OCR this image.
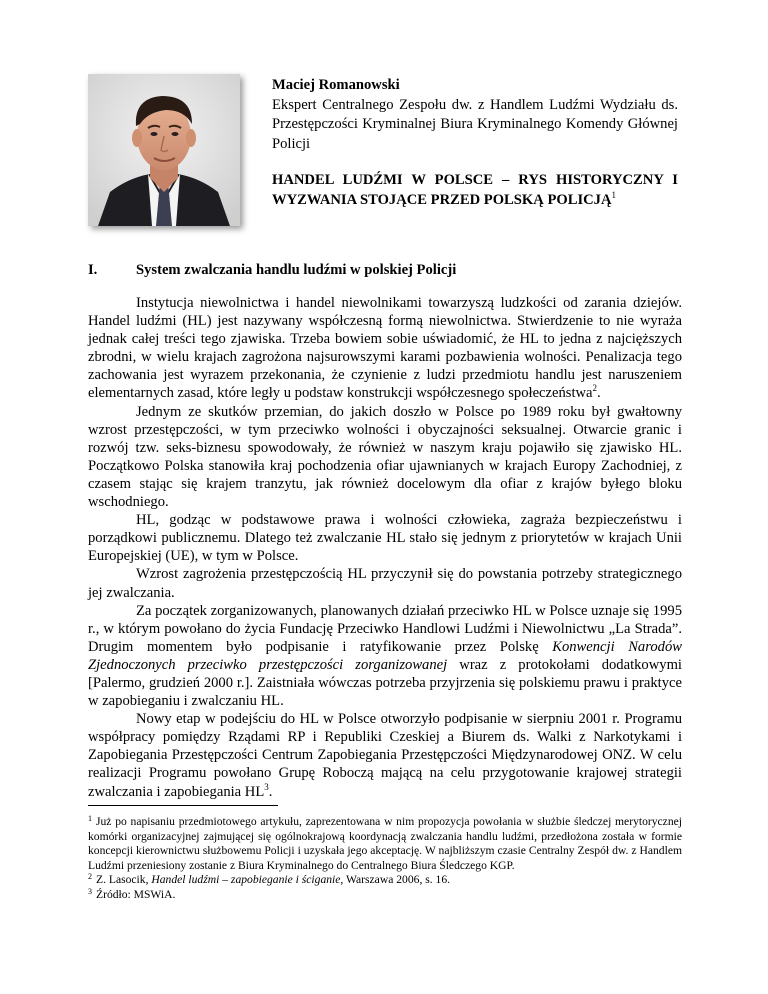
Maciej Romanowski
Ekspert Centralnego Zespołu dw. z Handlem Ludźmi Wydziału ds. Przestępczości Kryminalnej Biura Kryminalnego Komendy Głównej Policji
HANDEL LUDŹMI W POLSCE – RYS HISTORYCZNY I WYZWANIA STOJĄCE PRZED POLSKĄ POLICJĄ$^1$
I.	System zwalczania handlu ludźmi w polskiej Policji

Instytucja niewolnictwa i handel niewolnikami towarzyszą ludzkości od zarania dziejów. Handel ludźmi (HL) jest nazywany współczesną formą niewolnictwa. Stwierdzenie to nie wyraża jednak całej treści tego zjawiska. Trzeba bowiem sobie uświadomić, że HL to jedna z najcięższych zbrodni, w wielu krajach zagrożona najsurowszymi karami pozbawienia wolności. Penalizacja tego zachowania jest wyrazem przekonania, że czynienie z ludzi przedmiotu handlu jest naruszeniem elementarnych zasad, które legły u podstaw konstrukcji współczesnego społeczeństwa$^2$.

Jednym ze skutków przemian, do jakich doszło w Polsce po 1989 roku był gwałtowny wzrost przestępczości, w tym przeciwko wolności i obyczajności seksualnej. Otwarcie granic i rozwój tzw. seks-biznesu spowodowały, że również w naszym kraju pojawiło się zjawisko HL. Początkowo Polska stanowiła kraj pochodzenia ofiar ujawnianych w krajach Europy Zachodniej, z czasem stając się krajem tranzytu, jak również docelowym dla ofiar z krajów byłego bloku wschodniego.

HL, godząc w podstawowe prawa i wolności człowieka, zagraża bezpieczeństwu i porządkowi publicznemu. Dlatego też zwalczanie HL stało się jednym z priorytetów w krajach Unii Europejskiej (UE), w tym w Polsce.

Wzrost zagrożenia przestępczością HL przyczynił się do powstania potrzeby strategicznego jej zwalczania.

Za początek zorganizowanych, planowanych działań przeciwko HL w Polsce uznaje się 1995 r., w którym powołano do życia Fundację Przeciwko Handlowi Ludźmi i Niewolnictwu „La Strada”. Drugim momentem było podpisanie i ratyfikowanie przez Polskę Konwencji Narodów Zjednoczonych przeciwko przestępczości zorganizowanej wraz z protokołami dodatkowymi [Palermo, grudzień 2000 r.]. Zaistniała wówczas potrzeba przyjrzenia się polskiemu prawu i praktyce w zapobieganiu i zwalczaniu HL.

Nowy etap w podejściu do HL w Polsce otworzyło podpisanie w sierpniu 2001 r. Programu współpracy pomiędzy Rządami RP i Republiki Czeskiej a Biurem ds. Walki z Narkotykami i Zapobiegania Przestępczości Centrum Zapobiegania Przestępczości Międzynarodowej ONZ. W celu realizacji Programu powołano Grupę Roboczą mającą na celu przygotowanie krajowej strategii zwalczania i zapobiegania $HL^3$.

$^1$ Już po napisaniu przedmiotowego artykułu, zaprezentowana w nim propozycja powołania w służbie śledczej merytorycznej komórki organizacyjnej zajmującej się ogólnokrajową koordynacją zwalczania handlu ludźmi, przedłożona została w formie koncepcji kierownictwu służbowemu Policji i uzyskała jego akceptację. W najbliższym czasie Centralny Zespół dw. z Handlem Ludźmi przeniesiony zostanie z Biura Kryminalnego do Centralnego Biura Śledczego KGP.

$^2$ Z. Lasocik, Handel ludźmi – zapobieganie i ściganie, Warszawa 2006, s. 16.

$^3$ Źródło: MSWiA.
